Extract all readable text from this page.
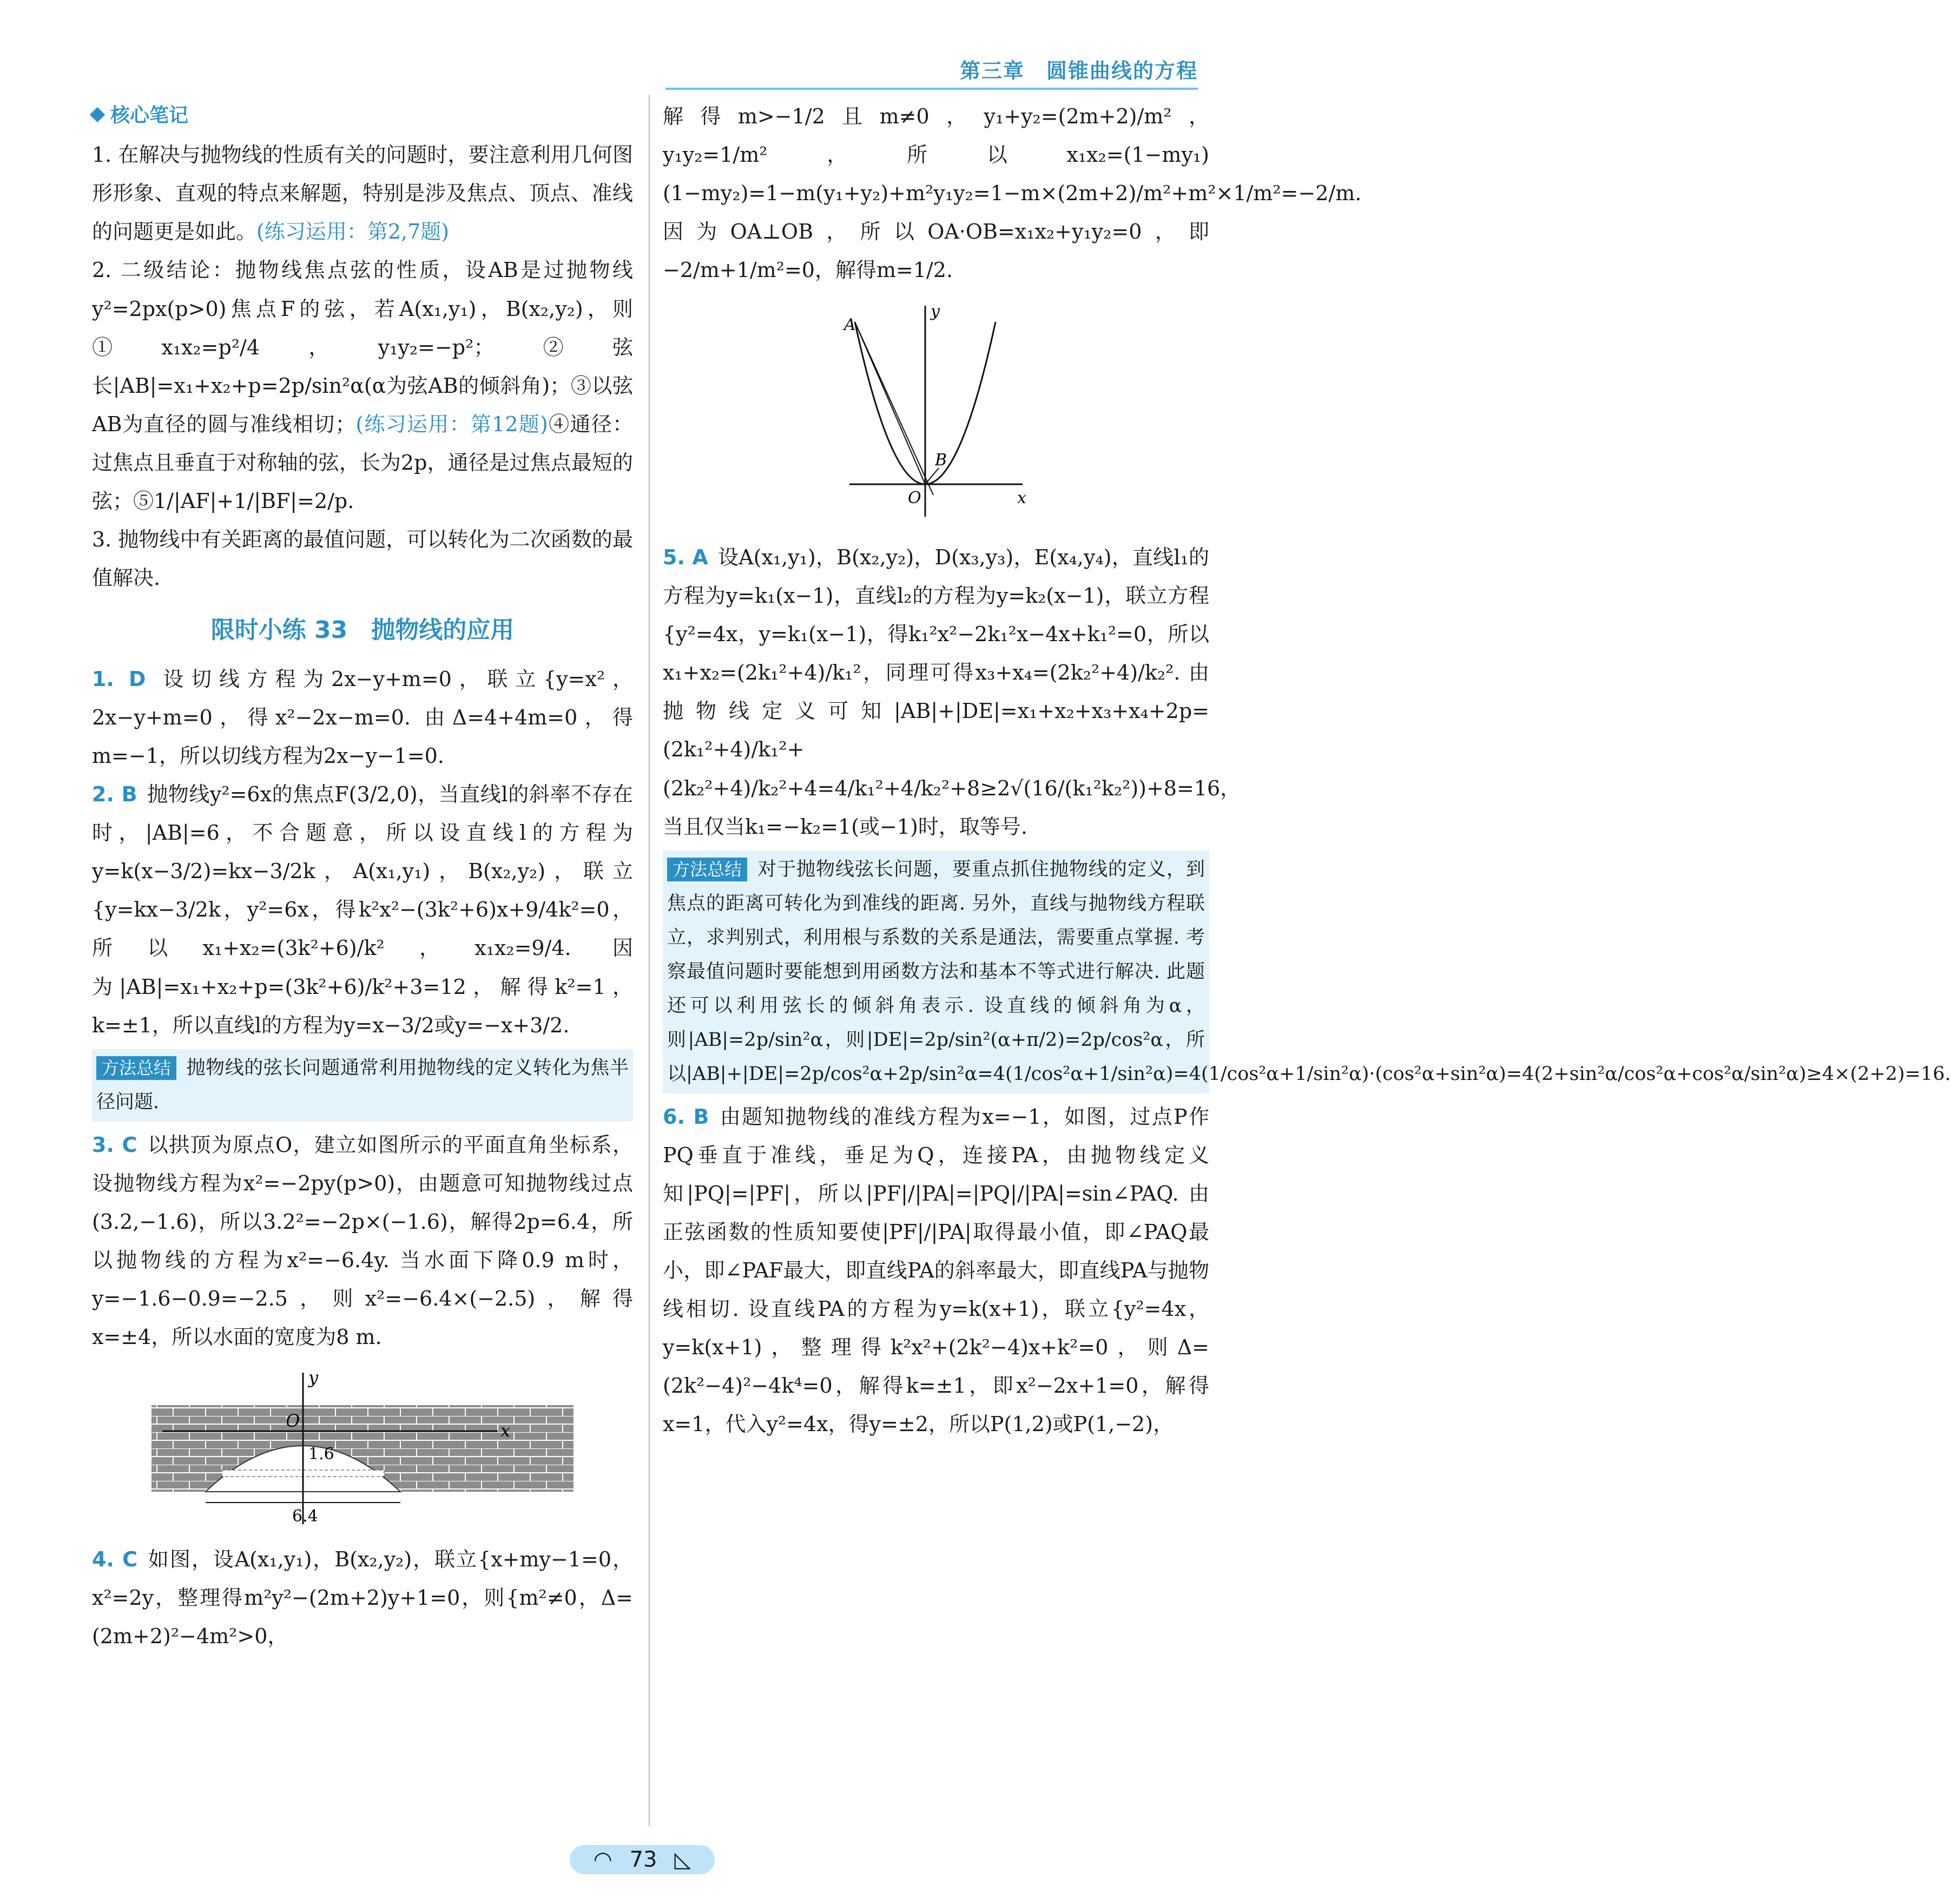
第三章　圆锥曲线的方程
核心笔记

1. 在解决与抛物线的性质有关的问题时，要注意利用几何图形形象、直观的特点来解题，特别是涉及焦点、顶点、准线的问题更是如此。(练习运用：第2,7题)

2. 二级结论：抛物线焦点弦的性质，设AB是过抛物线y²=2px(p>0)焦点F的弦，若A(x₁,y₁)，B(x₂,y₂)，则①x₁x₂=p²/4，y₁y₂=−p²；②弦长|AB|=x₁+x₂+p=2p/sin²α(α为弦AB的倾斜角)；③以弦AB为直径的圆与准线相切；(练习运用：第12题)④通径：过焦点且垂直于对称轴的弦，长为2p，通径是过焦点最短的弦；⑤1/|AF|+1/|BF|=2/p.

3. 抛物线中有关距离的最值问题，可以转化为二次函数的最值解决.

限时小练 33　抛物线的应用

1. D 设切线方程为2x−y+m=0，联立{y=x²，2x−y+m=0，得x²−2x−m=0. 由Δ=4+4m=0，得m=−1，所以切线方程为2x−y−1=0.

2. B 抛物线y²=6x的焦点F(3/2,0)，当直线l的斜率不存在时，|AB|=6，不合题意，所以设直线l的方程为y=k(x−3/2)=kx−3/2k，A(x₁,y₁)，B(x₂,y₂)，联立{y=kx−3/2k，y²=6x，得k²x²−(3k²+6)x+9/4k²=0，所以x₁+x₂=(3k²+6)/k²，x₁x₂=9/4. 因为|AB|=x₁+x₂+p=(3k²+6)/k²+3=12，解得k²=1，k=±1，所以直线l的方程为y=x−3/2或y=−x+3/2.

方法总结 抛物线的弦长问题通常利用抛物线的定义转化为焦半径问题.

3. C 以拱顶为原点O，建立如图所示的平面直角坐标系，设抛物线方程为x²=−2py(p>0)，由题意可知抛物线过点(3.2,−1.6)，所以3.2²=−2p×(−1.6)，解得2p=6.4，所以抛物线的方程为x²=−6.4y. 当水面下降0.9 m时，y=−1.6−0.9=−2.5，则x²=−6.4×(−2.5)，解得x=±4，所以水面的宽度为8 m.

y
x
O
1.6
6.4

4. C 如图，设A(x₁,y₁)，B(x₂,y₂)，联立{x+my−1=0，x²=2y，整理得m²y²−(2m+2)y+1=0，则{m²≠0，Δ=(2m+2)²−4m²>0，

解得m>−1/2且m≠0，y₁+y₂=(2m+2)/m²，y₁y₂=1/m²，所以x₁x₂=(1−my₁)(1−my₂)=1−m(y₁+y₂)+m²y₁y₂=1−m×(2m+2)/m²+m²×1/m²=−2/m. 因为OA⊥OB，所以OA·OB=x₁x₂+y₁y₂=0，即−2/m+1/m²=0，解得m=1/2.

A
B
O
y
x

5. A 设A(x₁,y₁)，B(x₂,y₂)，D(x₃,y₃)，E(x₄,y₄)，直线l₁的方程为y=k₁(x−1)，直线l₂的方程为y=k₂(x−1)，联立方程{y²=4x，y=k₁(x−1)，得k₁²x²−2k₁²x−4x+k₁²=0，所以x₁+x₂=(2k₁²+4)/k₁²，同理可得x₃+x₄=(2k₂²+4)/k₂². 由抛物线定义可知|AB|+|DE|=x₁+x₂+x₃+x₄+2p=(2k₁²+4)/k₁²+(2k₂²+4)/k₂²+4=4/k₁²+4/k₂²+8≥2√(16/(k₁²k₂²))+8=16，当且仅当k₁=−k₂=1(或−1)时，取等号.

方法总结 对于抛物线弦长问题，要重点抓住抛物线的定义，到焦点的距离可转化为到准线的距离. 另外，直线与抛物线方程联立，求判别式，利用根与系数的关系是通法，需要重点掌握. 考察最值问题时要能想到用函数方法和基本不等式进行解决. 此题还可以利用弦长的倾斜角表示. 设直线的倾斜角为α，则|AB|=2p/sin²α，则|DE|=2p/sin²(α+π/2)=2p/cos²α，所以|AB|+|DE|=2p/cos²α+2p/sin²α=4(1/cos²α+1/sin²α)=4(1/cos²α+1/sin²α)·(cos²α+sin²α)=4(2+sin²α/cos²α+cos²α/sin²α)≥4×(2+2)=16.

6. B 由题知抛物线的准线方程为x=−1，如图，过点P作PQ垂直于准线，垂足为Q，连接PA，由抛物线定义知|PQ|=|PF|，所以|PF|/|PA|=|PQ|/|PA|=sin∠PAQ. 由正弦函数的性质知要使|PF|/|PA|取得最小值，即∠PAQ最小，即∠PAF最大，即直线PA的斜率最大，即直线PA与抛物线相切. 设直线PA的方程为y=k(x+1)，联立{y²=4x，y=k(x+1)，整理得k²x²+(2k²−4)x+k²=0，则Δ=(2k²−4)²−4k⁴=0，解得k=±1，即x²−2x+1=0，解得x=1，代入y²=4x，得y=±2，所以P(1,2)或P(1,−2)，

◠ 73 ◺
